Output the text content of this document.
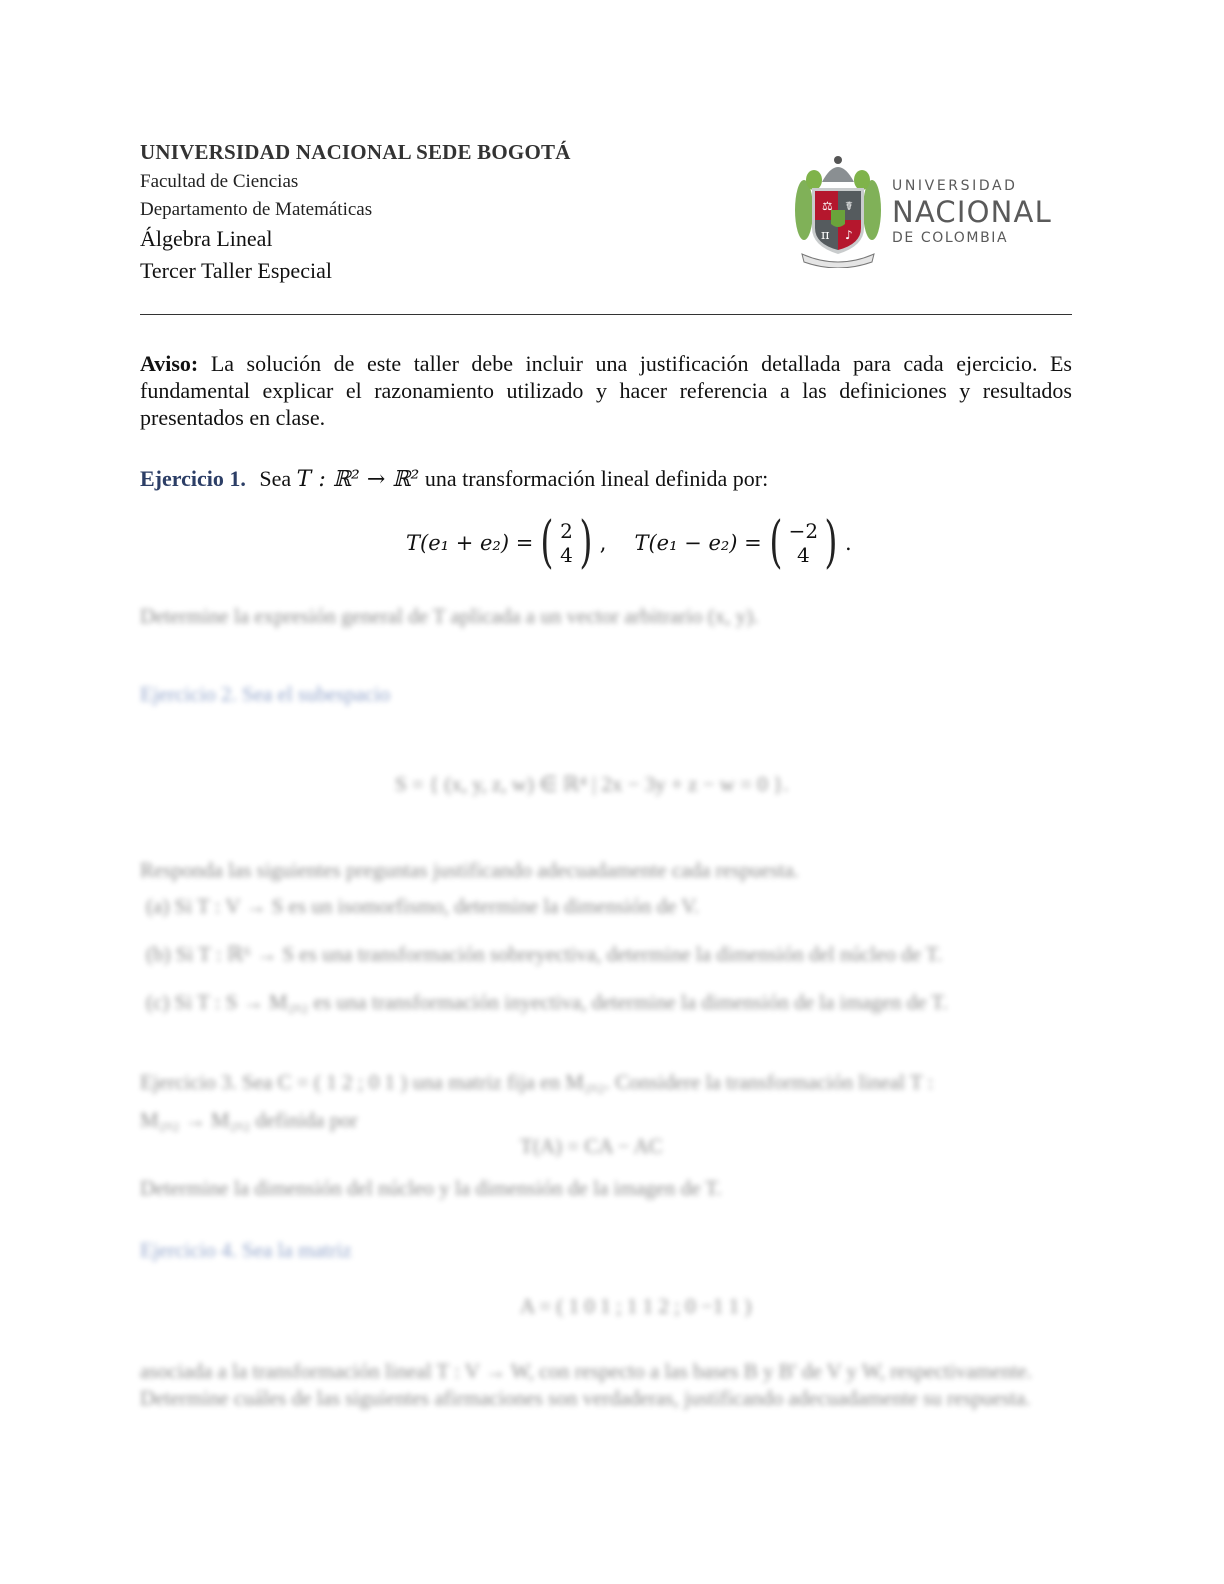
UNIVERSIDAD NACIONAL SEDE BOGOTÁ
Facultad de Ciencias
Departamento de Matemáticas
Álgebra Lineal
Tercer Taller Especial
⚖ ☤
π ♪
UNIVERSIDAD
NACIONAL
DE COLOMBIA
Aviso: La solución de este taller debe incluir una justificación detallada para cada ejercicio. Es fundamental explicar el razonamiento utilizado y hacer referencia a las definiciones y resultados presentados en clase.
Ejercicio 1. Sea T : ℝ² → ℝ² una transformación lineal definida por:
T(e₁ + e₂) = ( 2
4 ) , T(e₁ − e₂) = ( −2
4 ) .
Determine la expresión general de T aplicada a un vector arbitrario (x, y).
Ejercicio 2. Sea el subespacio
S = { (x, y, z, w) ∈ ℝ⁴ | 2x − 3y + z − w = 0 }.
Responda las siguientes preguntas justificando adecuadamente cada respuesta.
(a) Si T : V → S es un isomorfismo, determine la dimensión de V.
(b) Si T : ℝ⁶ → S es una transformación sobreyectiva, determine la dimensión del núcleo de T.
(c) Si T : S → M₂ₓ₂ es una transformación inyectiva, determine la dimensión de la imagen de T.
Ejercicio 3. Sea C = ( 1 2 ; 0 1 ) una matriz fija en M₂ₓ₂. Considere la transformación lineal T :
M₂ₓ₂ → M₂ₓ₂ definida por
T(A) = CA − AC
Determine la dimensión del núcleo y la dimensión de la imagen de T.
Ejercicio 4. Sea la matriz
A = ( 1 0 1 ; 1 1 2 ; 0 −1 1 )
asociada a la transformación lineal T : V → W, con respecto a las bases B y B' de V y W, respectivamente. Determine cuáles de las siguientes afirmaciones son verdaderas, justificando adecuadamente su respuesta.
